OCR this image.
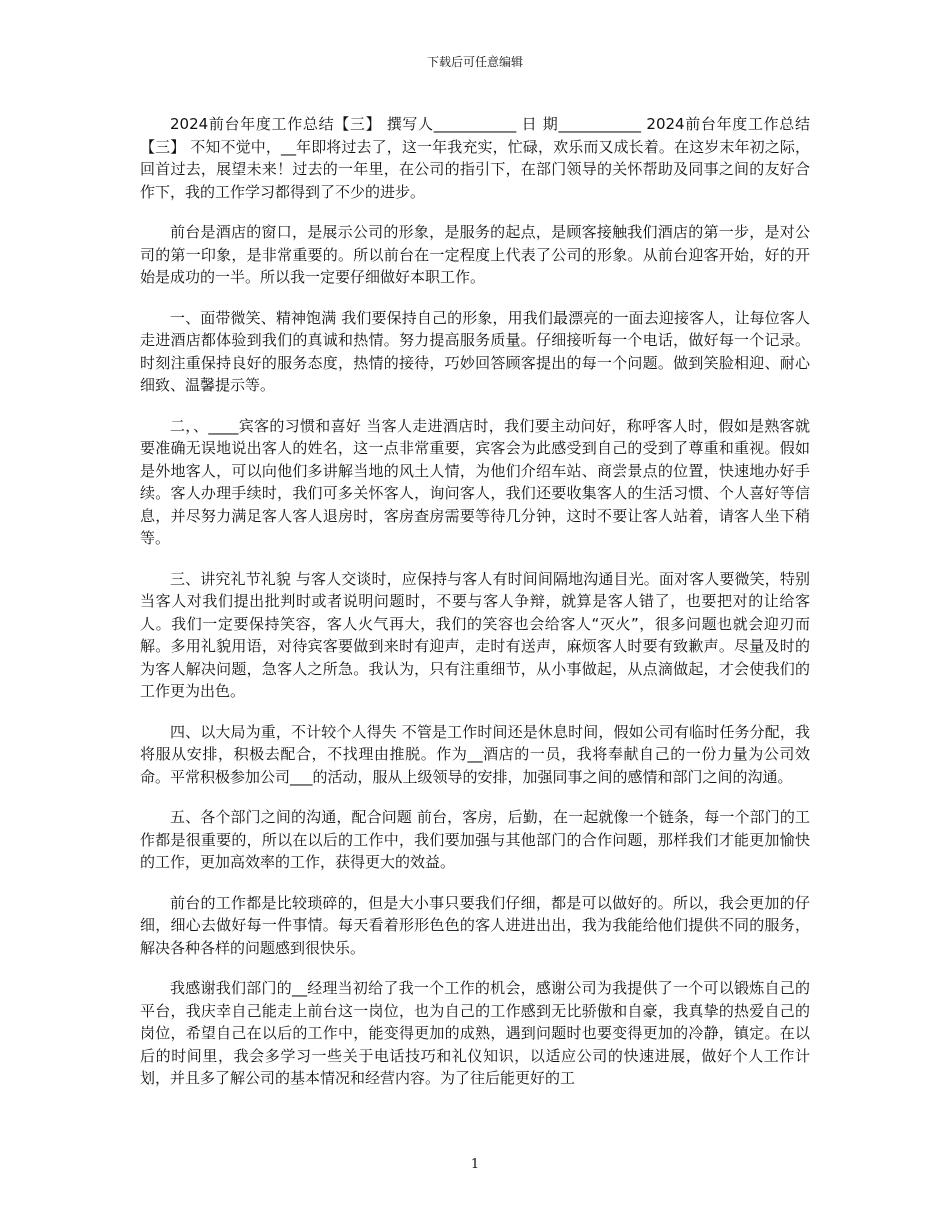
下载后可任意编辑

2024前台年度工作总结【三】 撰写人___________ 日 期___________ 2024前台年度工作总结【三】 不知不觉中，__年即将过去了，这一年我充实，忙碌，欢乐而又成长着。在这岁末年初之际，回首过去，展望未来！过去的一年里，在公司的指引下，在部门领导的关怀帮助及同事之间的友好合作下，我的工作学习都得到了不少的进步。

前台是酒店的窗口，是展示公司的形象，是服务的起点，是顾客接触我们酒店的第一步，是对公司的第一印象，是非常重要的。所以前台在一定程度上代表了公司的形象。从前台迎客开始，好的开始是成功的一半。所以我一定要仔细做好本职工作。

一、面带微笑、精神饱满 我们要保持自己的形象，用我们最漂亮的一面去迎接客人，让每位客人走进酒店都体验到我们的真诚和热情。努力提高服务质量。仔细接听每一个电话，做好每一个记录。时刻注重保持良好的服务态度，热情的接待，巧妙回答顾客提出的每一个问题。做到笑脸相迎、耐心细致、温馨提示等。

二，、____宾客的习惯和喜好 当客人走进酒店时，我们要主动问好，称呼客人时，假如是熟客就要准确无误地说出客人的姓名，这一点非常重要，宾客会为此感受到自己的受到了尊重和重视。假如是外地客人，可以向他们多讲解当地的风土人情，为他们介绍车站、商尝景点的位置，快速地办好手续。客人办理手续时，我们可多关怀客人，询问客人，我们还要收集客人的生活习惯、个人喜好等信息，并尽努力满足客人客人退房时，客房查房需要等待几分钟，这时不要让客人站着，请客人坐下稍等。

三、讲究礼节礼貌 与客人交谈时，应保持与客人有时间间隔地沟通目光。面对客人要微笑，特别当客人对我们提出批判时或者说明问题时，不要与客人争辩，就算是客人错了，也要把对的让给客人。我们一定要保持笑容，客人火气再大，我们的笑容也会给客人“灭火”，很多问题也就会迎刃而解。多用礼貌用语，对待宾客要做到来时有迎声，走时有送声，麻烦客人时要有致歉声。尽量及时的为客人解决问题，急客人之所急。我认为，只有注重细节，从小事做起，从点滴做起，才会使我们的工作更为出色。

四、以大局为重，不计较个人得失 不管是工作时间还是休息时间，假如公司有临时任务分配，我将服从安排，积极去配合，不找理由推脱。作为__酒店的一员，我将奉献自己的一份力量为公司效命。平常积极参加公司___的活动，服从上级领导的安排，加强同事之间的感情和部门之间的沟通。

五、各个部门之间的沟通，配合问题 前台，客房，后勤，在一起就像一个链条，每一个部门的工作都是很重要的，所以在以后的工作中，我们要加强与其他部门的合作问题，那样我们才能更加愉快的工作，更加高效率的工作，获得更大的效益。

前台的工作都是比较琐碎的，但是大小事只要我们仔细，都是可以做好的。所以，我会更加的仔细，细心去做好每一件事情。每天看着形形色色的客人进进出出，我为我能给他们提供不同的服务，解决各种各样的问题感到很快乐。

我感谢我们部门的__经理当初给了我一个工作的机会，感谢公司为我提供了一个可以锻炼自己的平台，我庆幸自己能走上前台这一岗位，也为自己的工作感到无比骄傲和自豪，我真挚的热爱自己的岗位，希望自己在以后的工作中，能变得更加的成熟，遇到问题时也要变得更加的冷静，镇定。在以后的时间里，我会多学习一些关于电话技巧和礼仪知识，以适应公司的快速进展，做好个人工作计划，并且多了解公司的基本情况和经营内容。为了往后能更好的工

1
